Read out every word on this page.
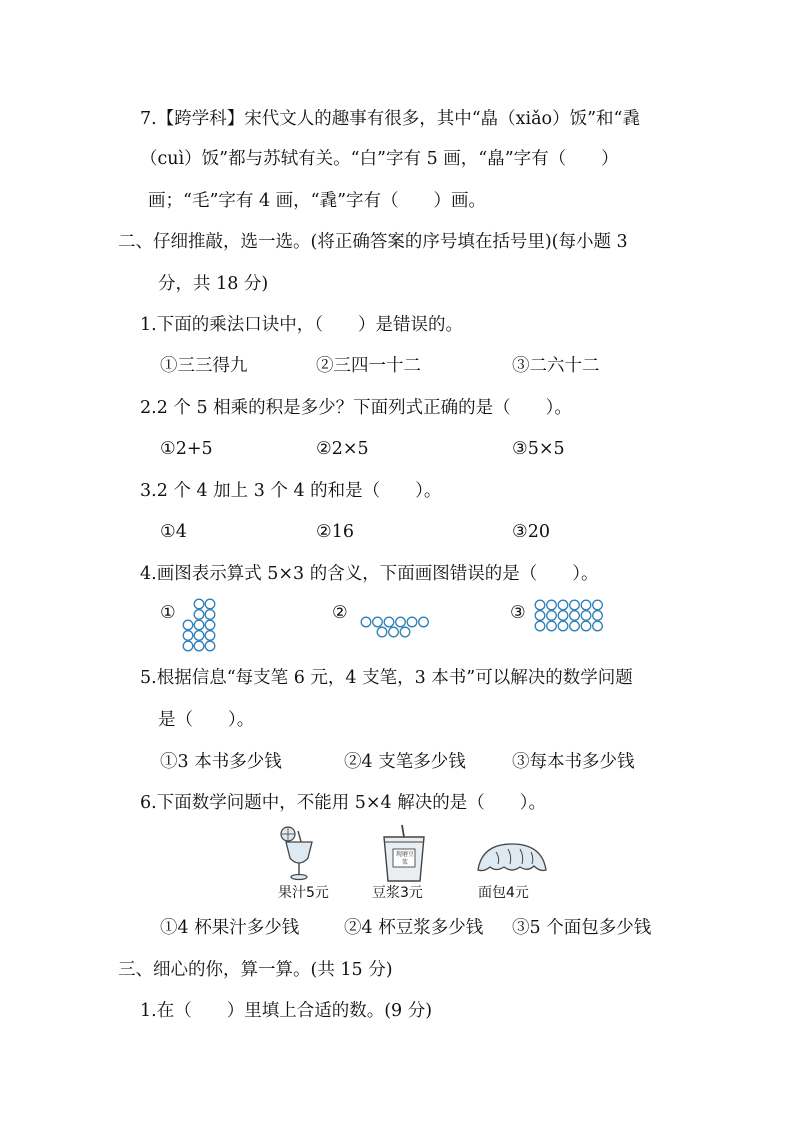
7.【跨学科】宋代文人的趣事有很多，其中“皛（xiǎo）饭”和“毳
（cuì）饭”都与苏轼有关。“白”字有 5 画，“皛”字有（　　）
画；“毛”字有 4 画，“毳”字有（　　）画。
二、仔细推敲，选一选。(将正确答案的序号填在括号里)(每小题 3
分，共 18 分)
1.下面的乘法口诀中，（　　）是错误的。
①三三得九	②三四一十二	③二六十二
2.2 个 5 相乘的积是多少？下面列式正确的是（　　）。
①2+5	②2×5	③5×5
3.2 个 4 加上 3 个 4 的和是（　　）。
①4	②16	③20
4.画图表示算式 5×3 的含义，下面画图错误的是（　　）。
①	②	③
5.根据信息“每支笔 6 元，4 支笔，3 本书”可以解决的数学问题
是（　　）。
①3 本书多少钱	②4 支笔多少钱	③每本书多少钱
6.下面数学问题中，不能用 5×4 解决的是（　　）。
果汁5元
现磨豆浆
豆浆3元	面包4元
①4 杯果汁多少钱	②4 杯豆浆多少钱 ③5 个面包多少钱
三、细心的你，算一算。(共 15 分)
1.在（　　）里填上合适的数。(9 分)
